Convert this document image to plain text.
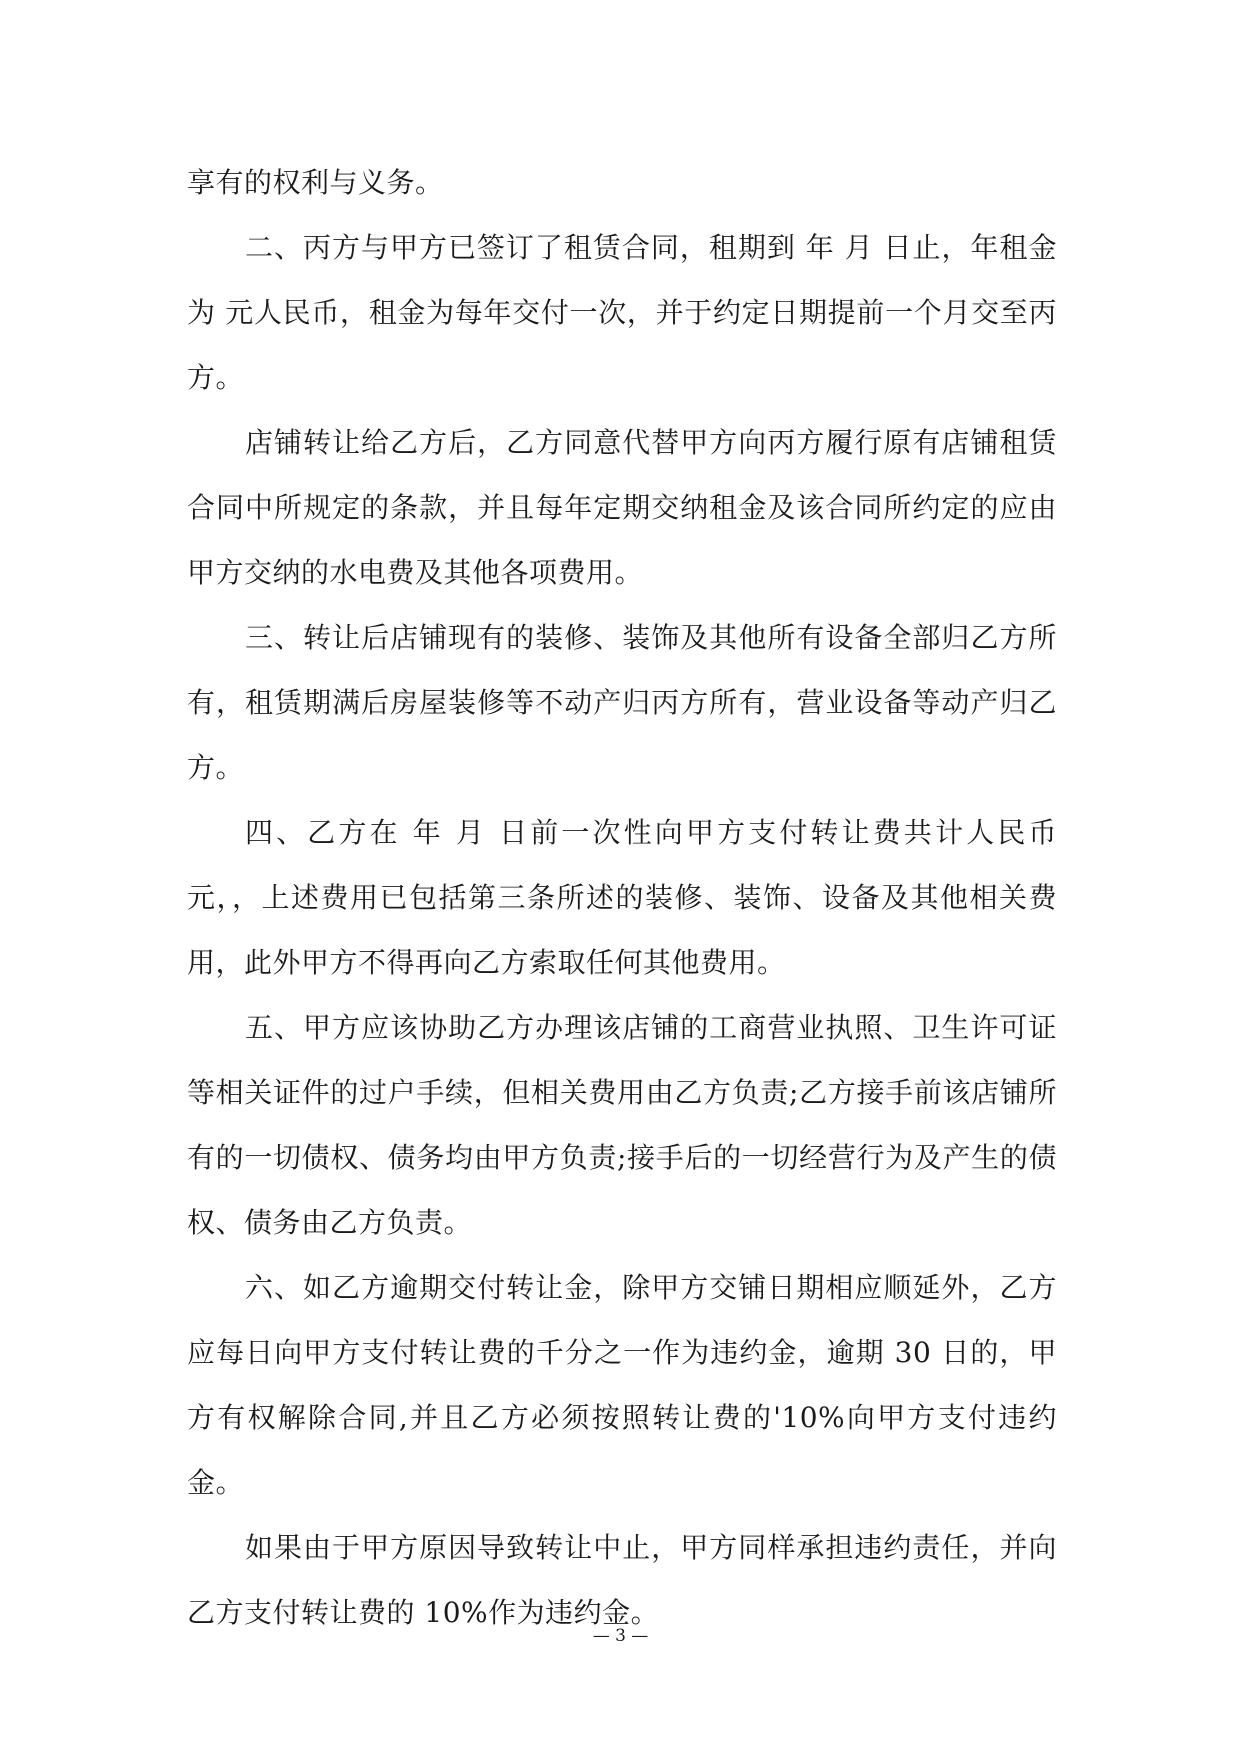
享有的权利与义务。

二、丙方与甲方已签订了租赁合同，租期到 年 月 日止，年租金为 元人民币，租金为每年交付一次，并于约定日期提前一个月交至丙方。

店铺转让给乙方后，乙方同意代替甲方向丙方履行原有店铺租赁合同中所规定的条款，并且每年定期交纳租金及该合同所约定的应由甲方交纳的水电费及其他各项费用。

三、转让后店铺现有的装修、装饰及其他所有设备全部归乙方所有，租赁期满后房屋装修等不动产归丙方所有，营业设备等动产归乙方。

四、乙方在 年 月 日前一次性向甲方支付转让费共计人民币元，，上述费用已包括第三条所述的装修、装饰、设备及其他相关费用，此外甲方不得再向乙方索取任何其他费用。

五、甲方应该协助乙方办理该店铺的工商营业执照、卫生许可证等相关证件的过户手续，但相关费用由乙方负责;乙方接手前该店铺所有的一切债权、债务均由甲方负责;接手后的一切经营行为及产生的债权、债务由乙方负责。

六、如乙方逾期交付转让金，除甲方交铺日期相应顺延外，乙方应每日向甲方支付转让费的千分之一作为违约金，逾期 30 日的，甲方有权解除合同,并且乙方必须按照转让费的'10%向甲方支付违约金。

如果由于甲方原因导致转让中止，甲方同样承担违约责任，并向乙方支付转让费的 10%作为违约金。

— 3 —
